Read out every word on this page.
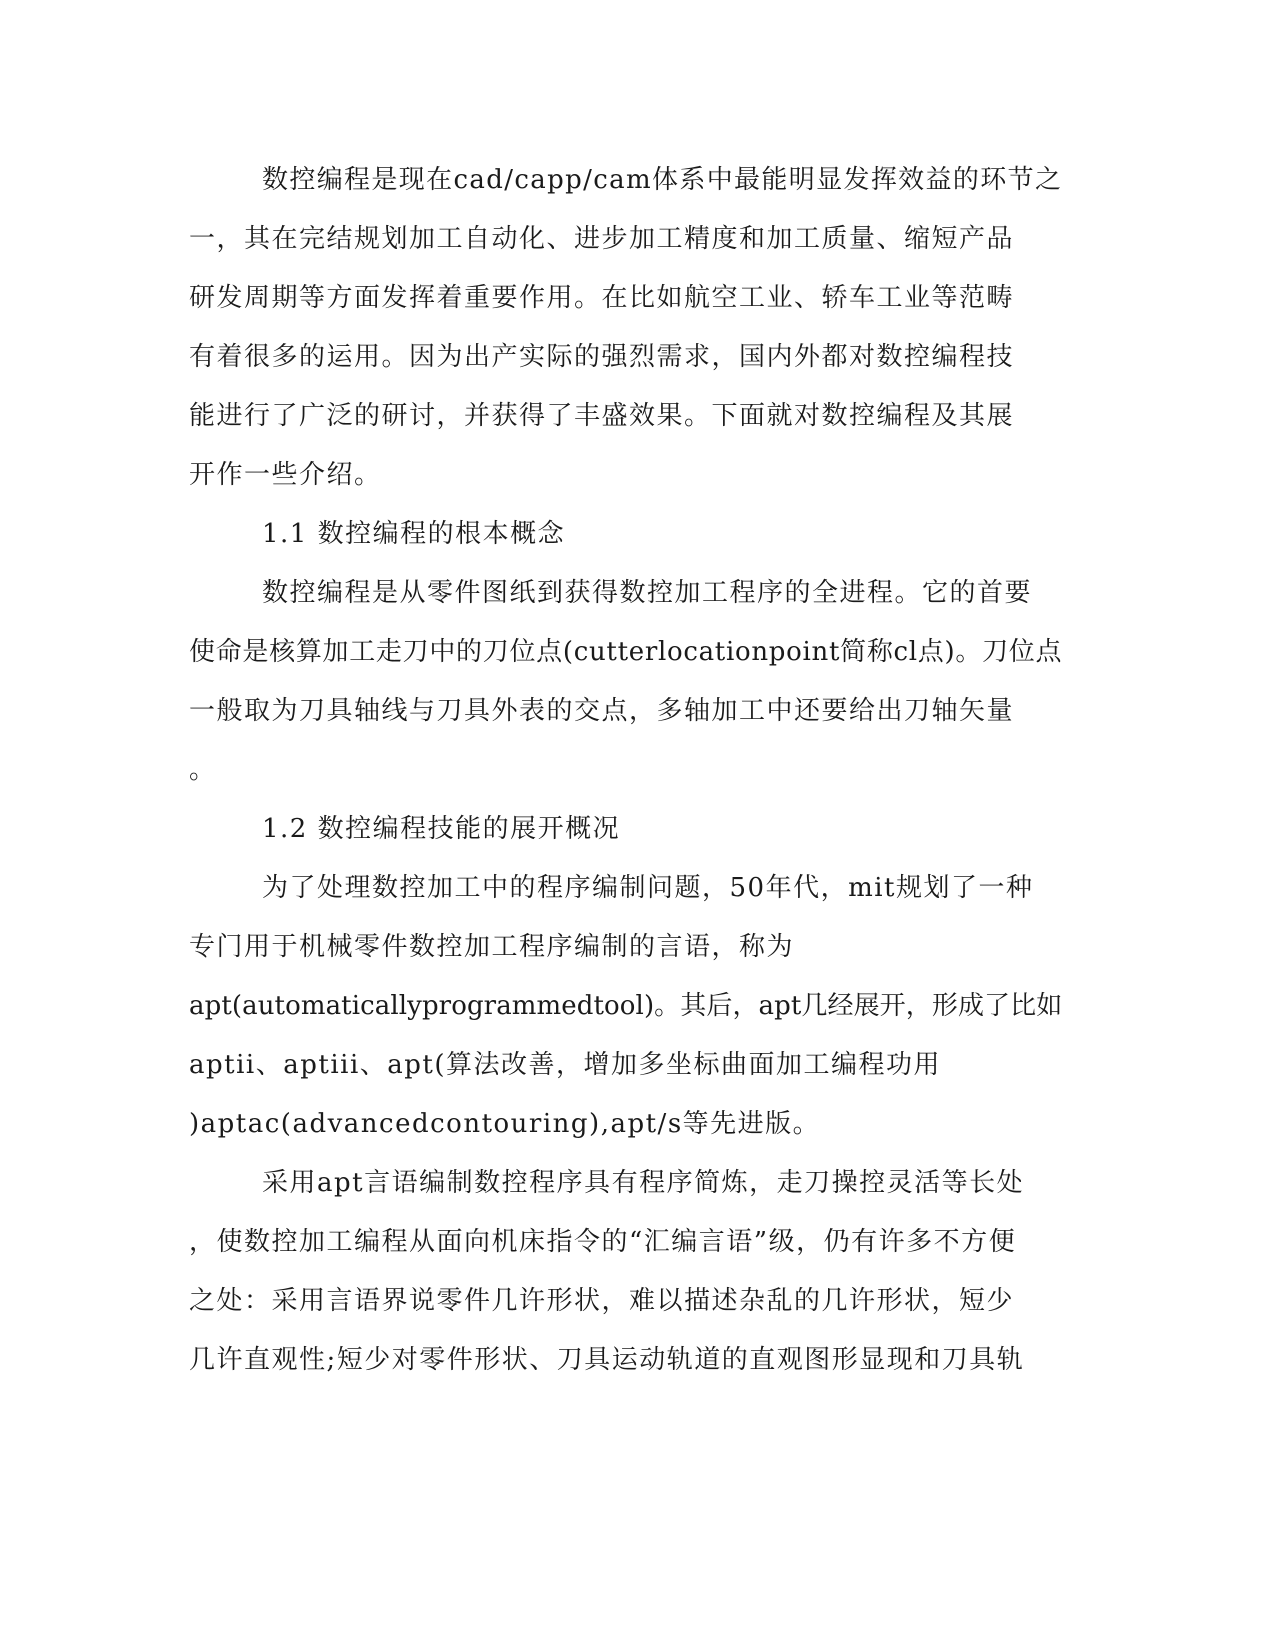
数控编程是现在cad/capp/cam体系中最能明显发挥效益的环节之
一，其在完结规划加工自动化、进步加工精度和加工质量、缩短产品
研发周期等方面发挥着重要作用。在比如航空工业、轿车工业等范畴
有着很多的运用。因为出产实际的强烈需求，国内外都对数控编程技
能进行了广泛的研讨，并获得了丰盛效果。下面就对数控编程及其展
开作一些介绍。
1.1 数控编程的根本概念
数控编程是从零件图纸到获得数控加工程序的全进程。它的首要
使命是核算加工走刀中的刀位点(cutterlocationpoint简称cl点)。刀位点
一般取为刀具轴线与刀具外表的交点，多轴加工中还要给出刀轴矢量
。
1.2 数控编程技能的展开概况
为了处理数控加工中的程序编制问题，50年代，mit规划了一种
专门用于机械零件数控加工程序编制的言语，称为
apt(automaticallyprogrammedtool)。其后，apt几经展开，形成了比如
aptii、aptiii、apt(算法改善，增加多坐标曲面加工编程功用
)aptac(advancedcontouring),apt/s等先进版。
采用apt言语编制数控程序具有程序简炼，走刀操控灵活等长处
，使数控加工编程从面向机床指令的“汇编言语”级，仍有许多不方便
之处：采用言语界说零件几许形状，难以描述杂乱的几许形状，短少
几许直观性;短少对零件形状、刀具运动轨道的直观图形显现和刀具轨
